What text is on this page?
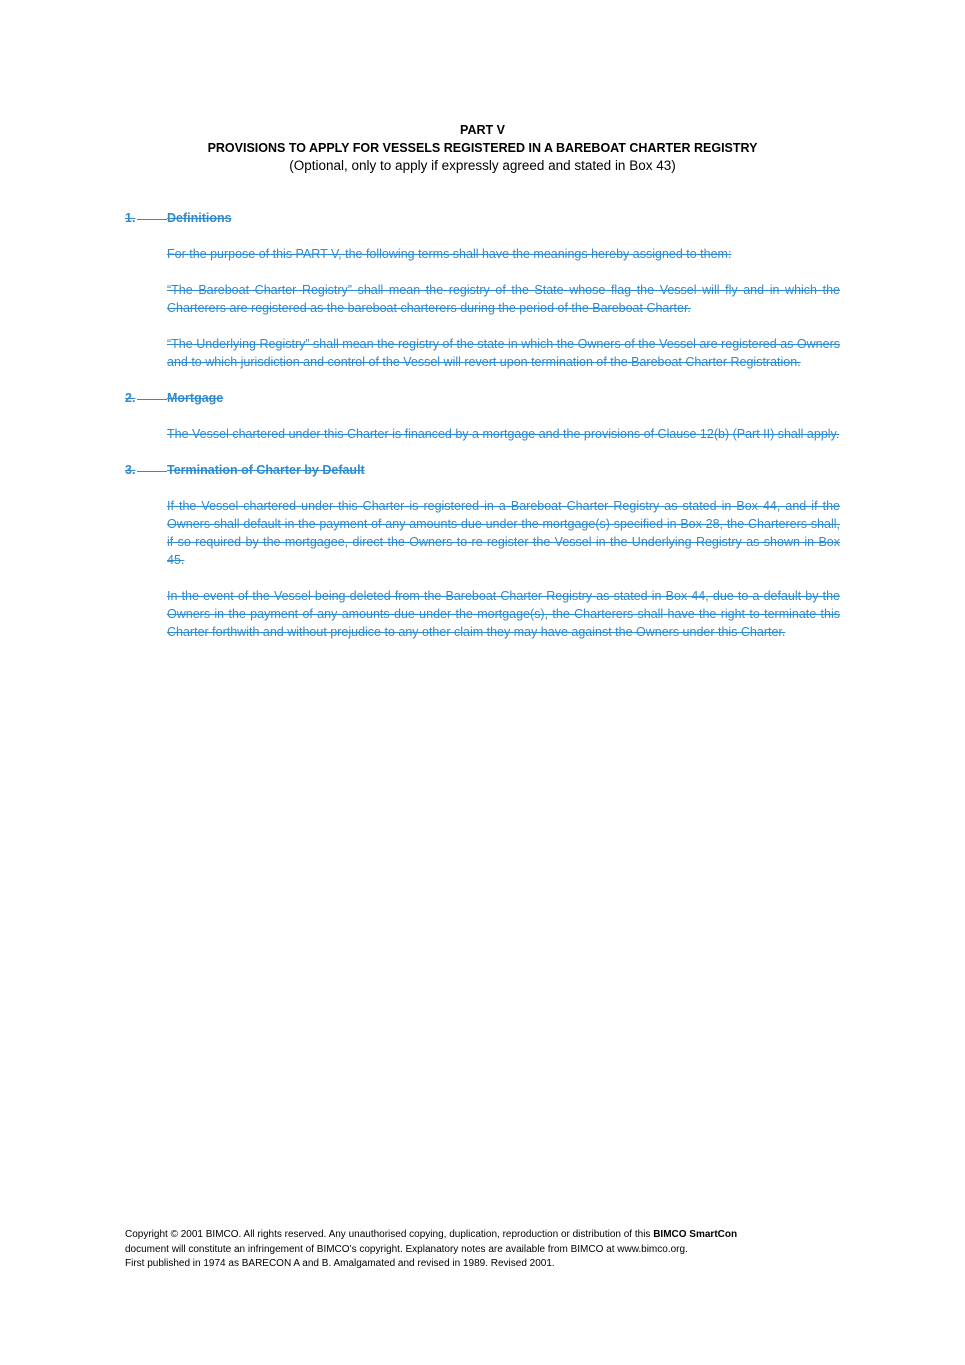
PART V
PROVISIONS TO APPLY FOR VESSELS REGISTERED IN A BAREBOAT CHARTER REGISTRY
(Optional, only to apply if expressly agreed and stated in Box 43)
1.	Definitions
For the purpose of this PART V, the following terms shall have the meanings hereby assigned to them:
“The Bareboat Charter Registry” shall mean the registry of the State whose flag the Vessel will fly and in which the Charterers are registered as the bareboat charterers during the period of the Bareboat Charter.
“The Underlying Registry” shall mean the registry of the state in which the Owners of the Vessel are registered as Owners and to which jurisdiction and control of the Vessel will revert upon termination of the Bareboat Charter Registration.
2.	Mortgage
The Vessel chartered under this Charter is financed by a mortgage and the provisions of Clause 12(b) (Part II) shall apply.
3.	Termination of Charter by Default
If the Vessel chartered under this Charter is registered in a Bareboat Charter Registry as stated in Box 44, and if the Owners shall default in the payment of any amounts due under the mortgage(s) specified in Box 28, the Charterers shall, if so required by the mortgagee, direct the Owners to re-register the Vessel in the Underlying Registry as shown in Box 45.
In the event of the Vessel being deleted from the Bareboat Charter Registry as stated in Box 44, due to a default by the Owners in the payment of any amounts due under the mortgage(s), the Charterers shall have the right to terminate this Charter forthwith and without prejudice to any other claim they may have against the Owners under this Charter.
Copyright © 2001 BIMCO. All rights reserved. Any unauthorised copying, duplication, reproduction or distribution of this BIMCO SmartCon
document will constitute an infringement of BIMCO’s copyright. Explanatory notes are available from BIMCO at www.bimco.org.
First published in 1974 as BARECON A and B. Amalgamated and revised in 1989. Revised 2001.
